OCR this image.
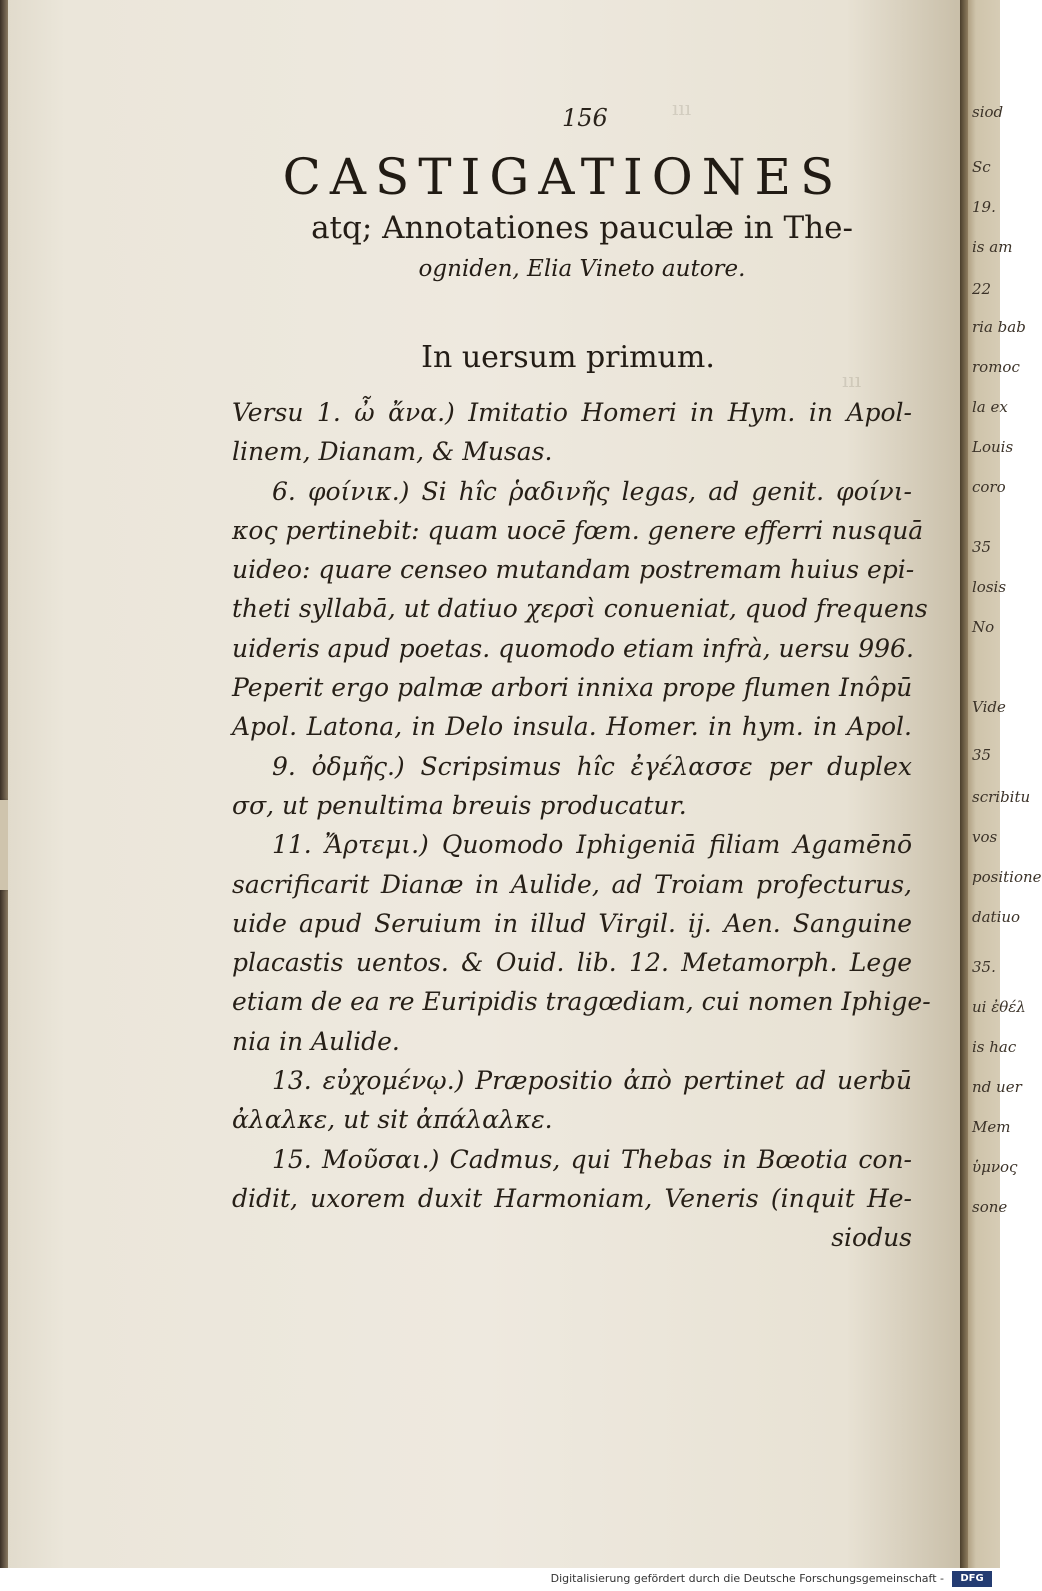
ııı
ııı
siod
Sc
19.
is am
22
ria bab
romoc
la ex
Louis
coro
35
losis
No
Vide
35
scribitu
vos
positione
datiuo
35.
ui ἐθέλ
is hac
nd uer
Mem
ὑμνος
sone
156
CASTIGATIONES
atq; Annotationes pauculæ in The-
ogniden, Elia Vineto autore.
In uersum primum.
Versu 1. ὦ ἄνα.) Imitatio Homeri in Hym. in Apol-
linem, Dianam, & Musas.
6. φοίνικ.) Si hîc ῥαδινῆς legas, ad genit. φοίνι-
κος pertinebit: quam uocē fœm. genere efferri nusquā
uideo: quare censeo mutandam postremam huius epi-
theti syllabā, ut datiuo χερσὶ conueniat, quod frequens
uideris apud poetas. quomodo etiam infrà, uersu 996.
Peperit ergo palmæ arbori innixa prope flumen Inôpū
Apol. Latona, in Delo insula. Homer. in hym. in Apol.
9. ὀδμῆς.) Scripsimus hîc ἐγέλασσε per duplex
σσ, ut penultima breuis producatur.
11. Ἄρτεμι.) Quomodo Iphigeniā filiam Agamēnō
sacrificarit Dianæ in Aulide, ad Troiam profecturus,
uide apud Seruium in illud Virgil. ij. Aen. Sanguine
placastis uentos. & Ouid. lib. 12. Metamorph. Lege
etiam de ea re Euripidis tragœdiam, cui nomen Iphige-
nia in Aulide.
13. εὐχομένῳ.) Præpositio ἀπὸ pertinet ad uerbū
ἀλαλκε, ut sit ἀπάλαλκε.
15. Μοῦσαι.) Cadmus, qui Thebas in Bœotia con-
didit, uxorem duxit Harmoniam, Veneris (inquit He-
siodus
Digitalisierung gefördert durch die Deutsche Forschungsgemeinschaft -	DFG
